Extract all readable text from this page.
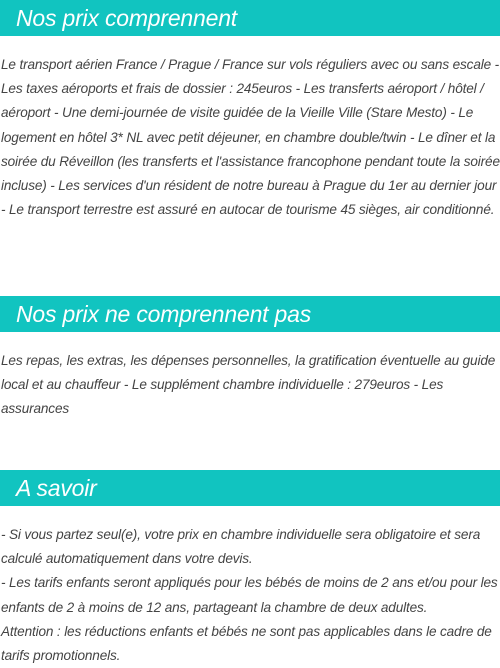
Nos prix comprennent

Le transport aérien France / Prague / France sur vols réguliers avec ou sans escale - Les taxes aéroports et frais de dossier : 245euros - Les transferts aéroport / hôtel / aéroport - Une demi-journée de visite guidée de la Vieille Ville (Stare Mesto) - Le logement en hôtel 3* NL avec petit déjeuner, en chambre double/twin - Le dîner et la soirée du Réveillon (les transferts et l'assistance francophone pendant toute la soirée incluse) - Les services d'un résident de notre bureau à Prague du 1er au dernier jour - Le transport terrestre est assuré en autocar de tourisme 45 sièges, air conditionné.

Nos prix ne comprennent pas

Les repas, les extras, les dépenses personnelles, la gratification éventuelle au guide local et au chauffeur - Le supplément chambre individuelle : 279euros - Les assurances

A savoir

- Si vous partez seul(e), votre prix en chambre individuelle sera obligatoire et sera calculé automatiquement dans votre devis.

- Les tarifs enfants seront appliqués pour les bébés de moins de 2 ans et/ou pour les enfants de 2 à moins de 12 ans, partageant la chambre de deux adultes.

Attention : les réductions enfants et bébés ne sont pas applicables dans le cadre de tarifs promotionnels.
